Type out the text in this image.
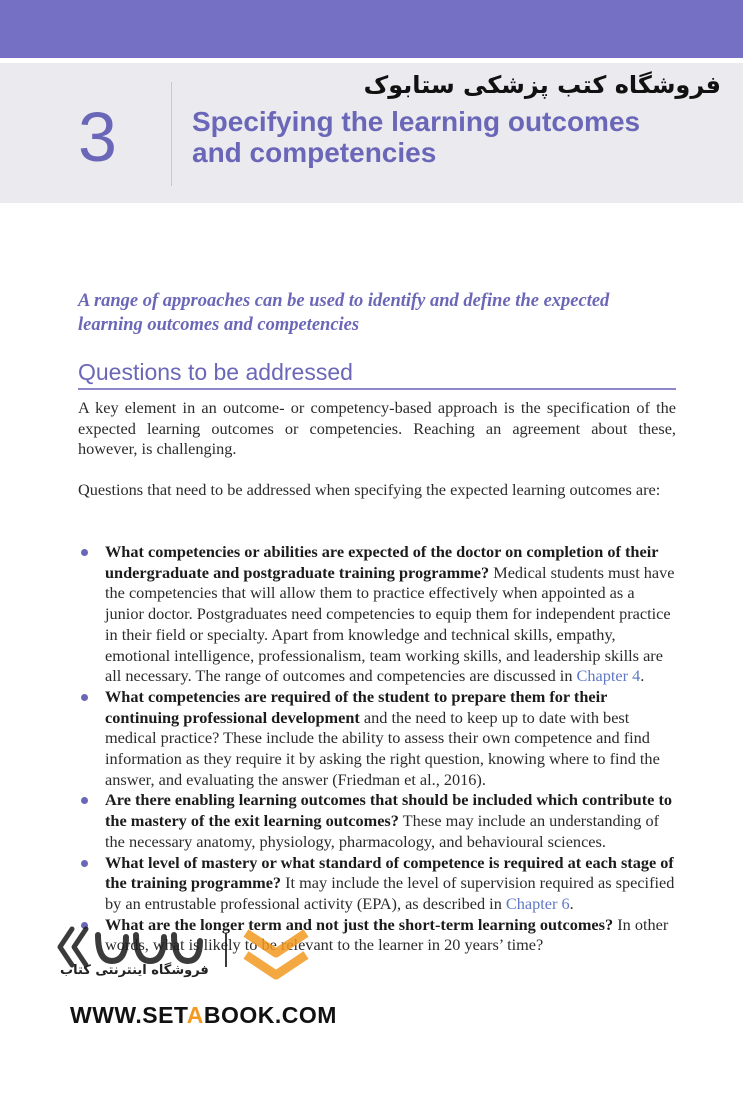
3
فروشگاه کتب پزشکی ستابوک
Specifying the learning outcomes
and competencies
A range of approaches can be used to identify and define the expected learning outcomes and competencies
Questions to be addressed

A key element in an outcome- or competency-based approach is the specification of the expected learning outcomes or competencies. Reaching an agreement about these, however, is challenging.

Questions that need to be addressed when specifying the expected learning outcomes are:

What competencies or abilities are expected of the doctor on completion of their undergraduate and postgraduate training programme? Medical students must have the competencies that will allow them to practice effectively when appointed as a junior doctor. Postgraduates need competencies to equip them for independent practice in their field or specialty. Apart from knowledge and technical skills, empathy, emotional intelligence, professionalism, team working skills, and leadership skills are all necessary. The range of outcomes and competencies are discussed in Chapter 4.
What competencies are required of the student to prepare them for their continuing professional development and the need to keep up to date with best medical practice? These include the ability to assess their own competence and find information as they require it by asking the right question, knowing where to find the answer, and evaluating the answer (Friedman et al., 2016).
Are there enabling learning outcomes that should be included which contribute to the mastery of the exit learning outcomes? These may include an understanding of the necessary anatomy, physiology, pharmacology, and behavioural sciences.
What level of mastery or what standard of competence is required at each stage of the training programme? It may include the level of supervision required as specified by an entrustable professional activity (EPA), as described in Chapter 6.
What are the longer term and not just the short-term learning outcomes? In other words, what is likely to be relevant to the learner in 20 years’ time?
فروشگاه اینترنتی کتاب
WWW.SETABOOK.COM
